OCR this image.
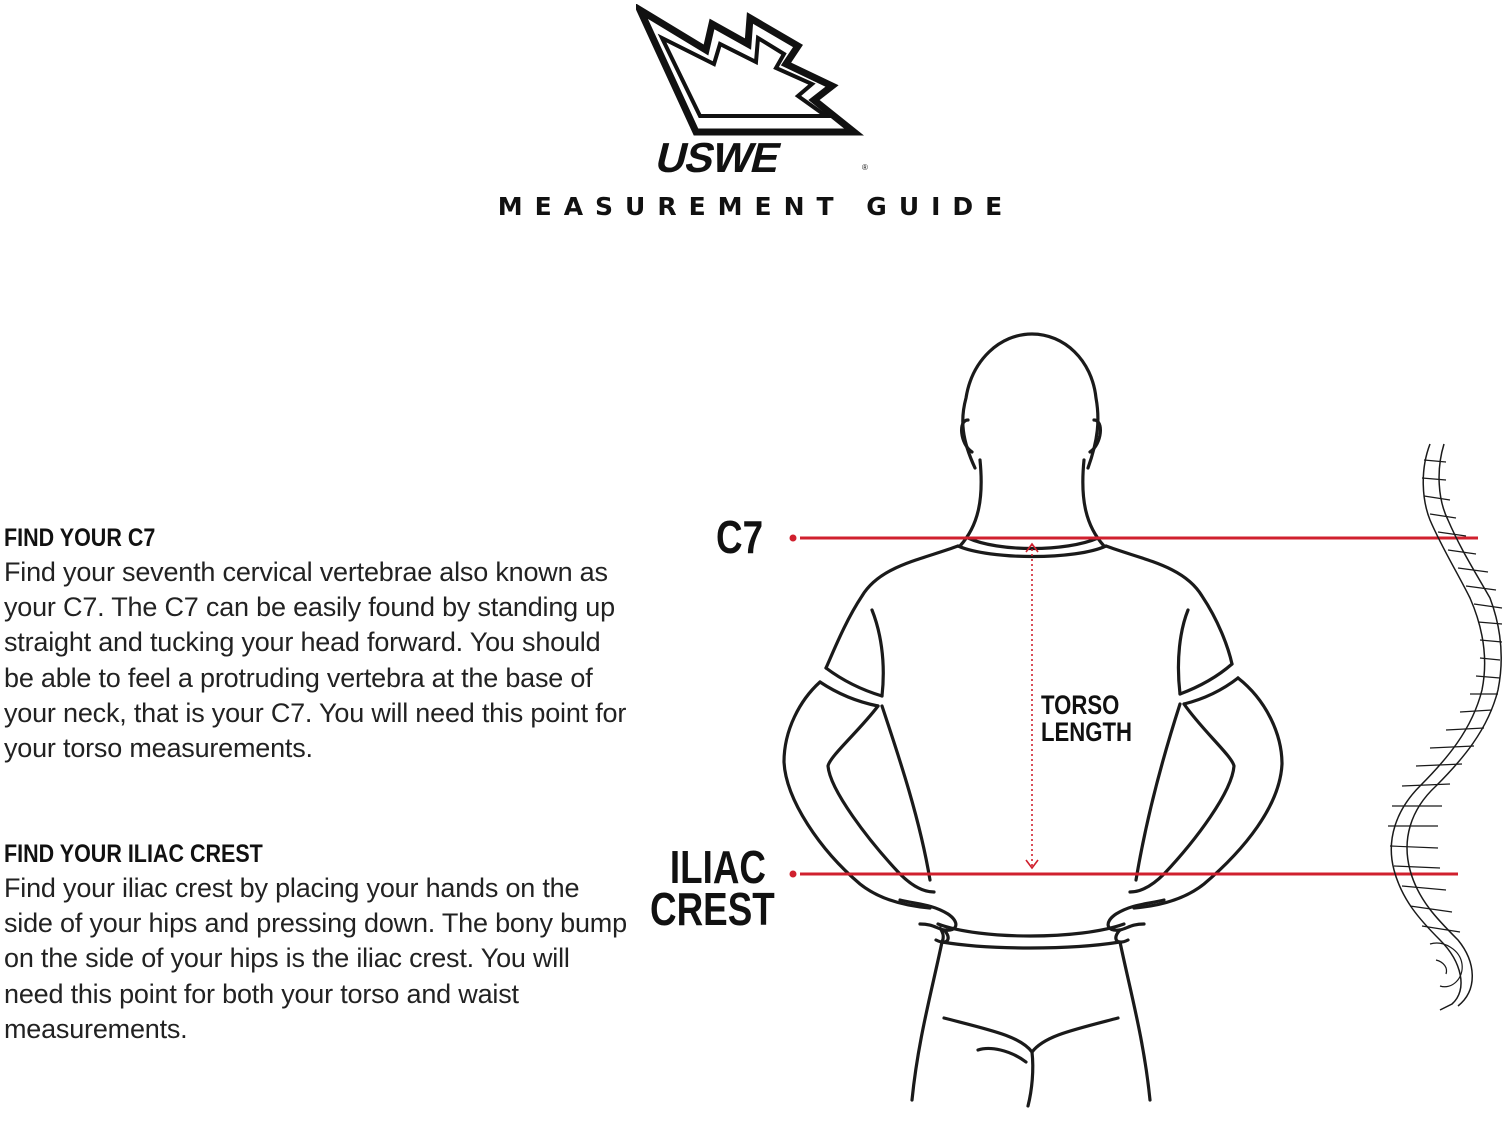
USWE	®
MEASUREMENT GUIDE
FIND YOUR C7

Find your seventh cervical vertebrae also known as your C7. The C7 can be easily found by standing up straight and tucking your head forward. You should be able to feel a protruding vertebra at the base of your neck, that is your C7. You will need this point for your torso measurements.

FIND YOUR ILIAC CREST

Find your iliac crest by placing your hands on the side of your hips and pressing down. The bony bump on the side of your hips is the iliac crest. You will need this point for both your torso and waist measurements.

C7
ILIAC
CREST
TORSO
LENGTH
